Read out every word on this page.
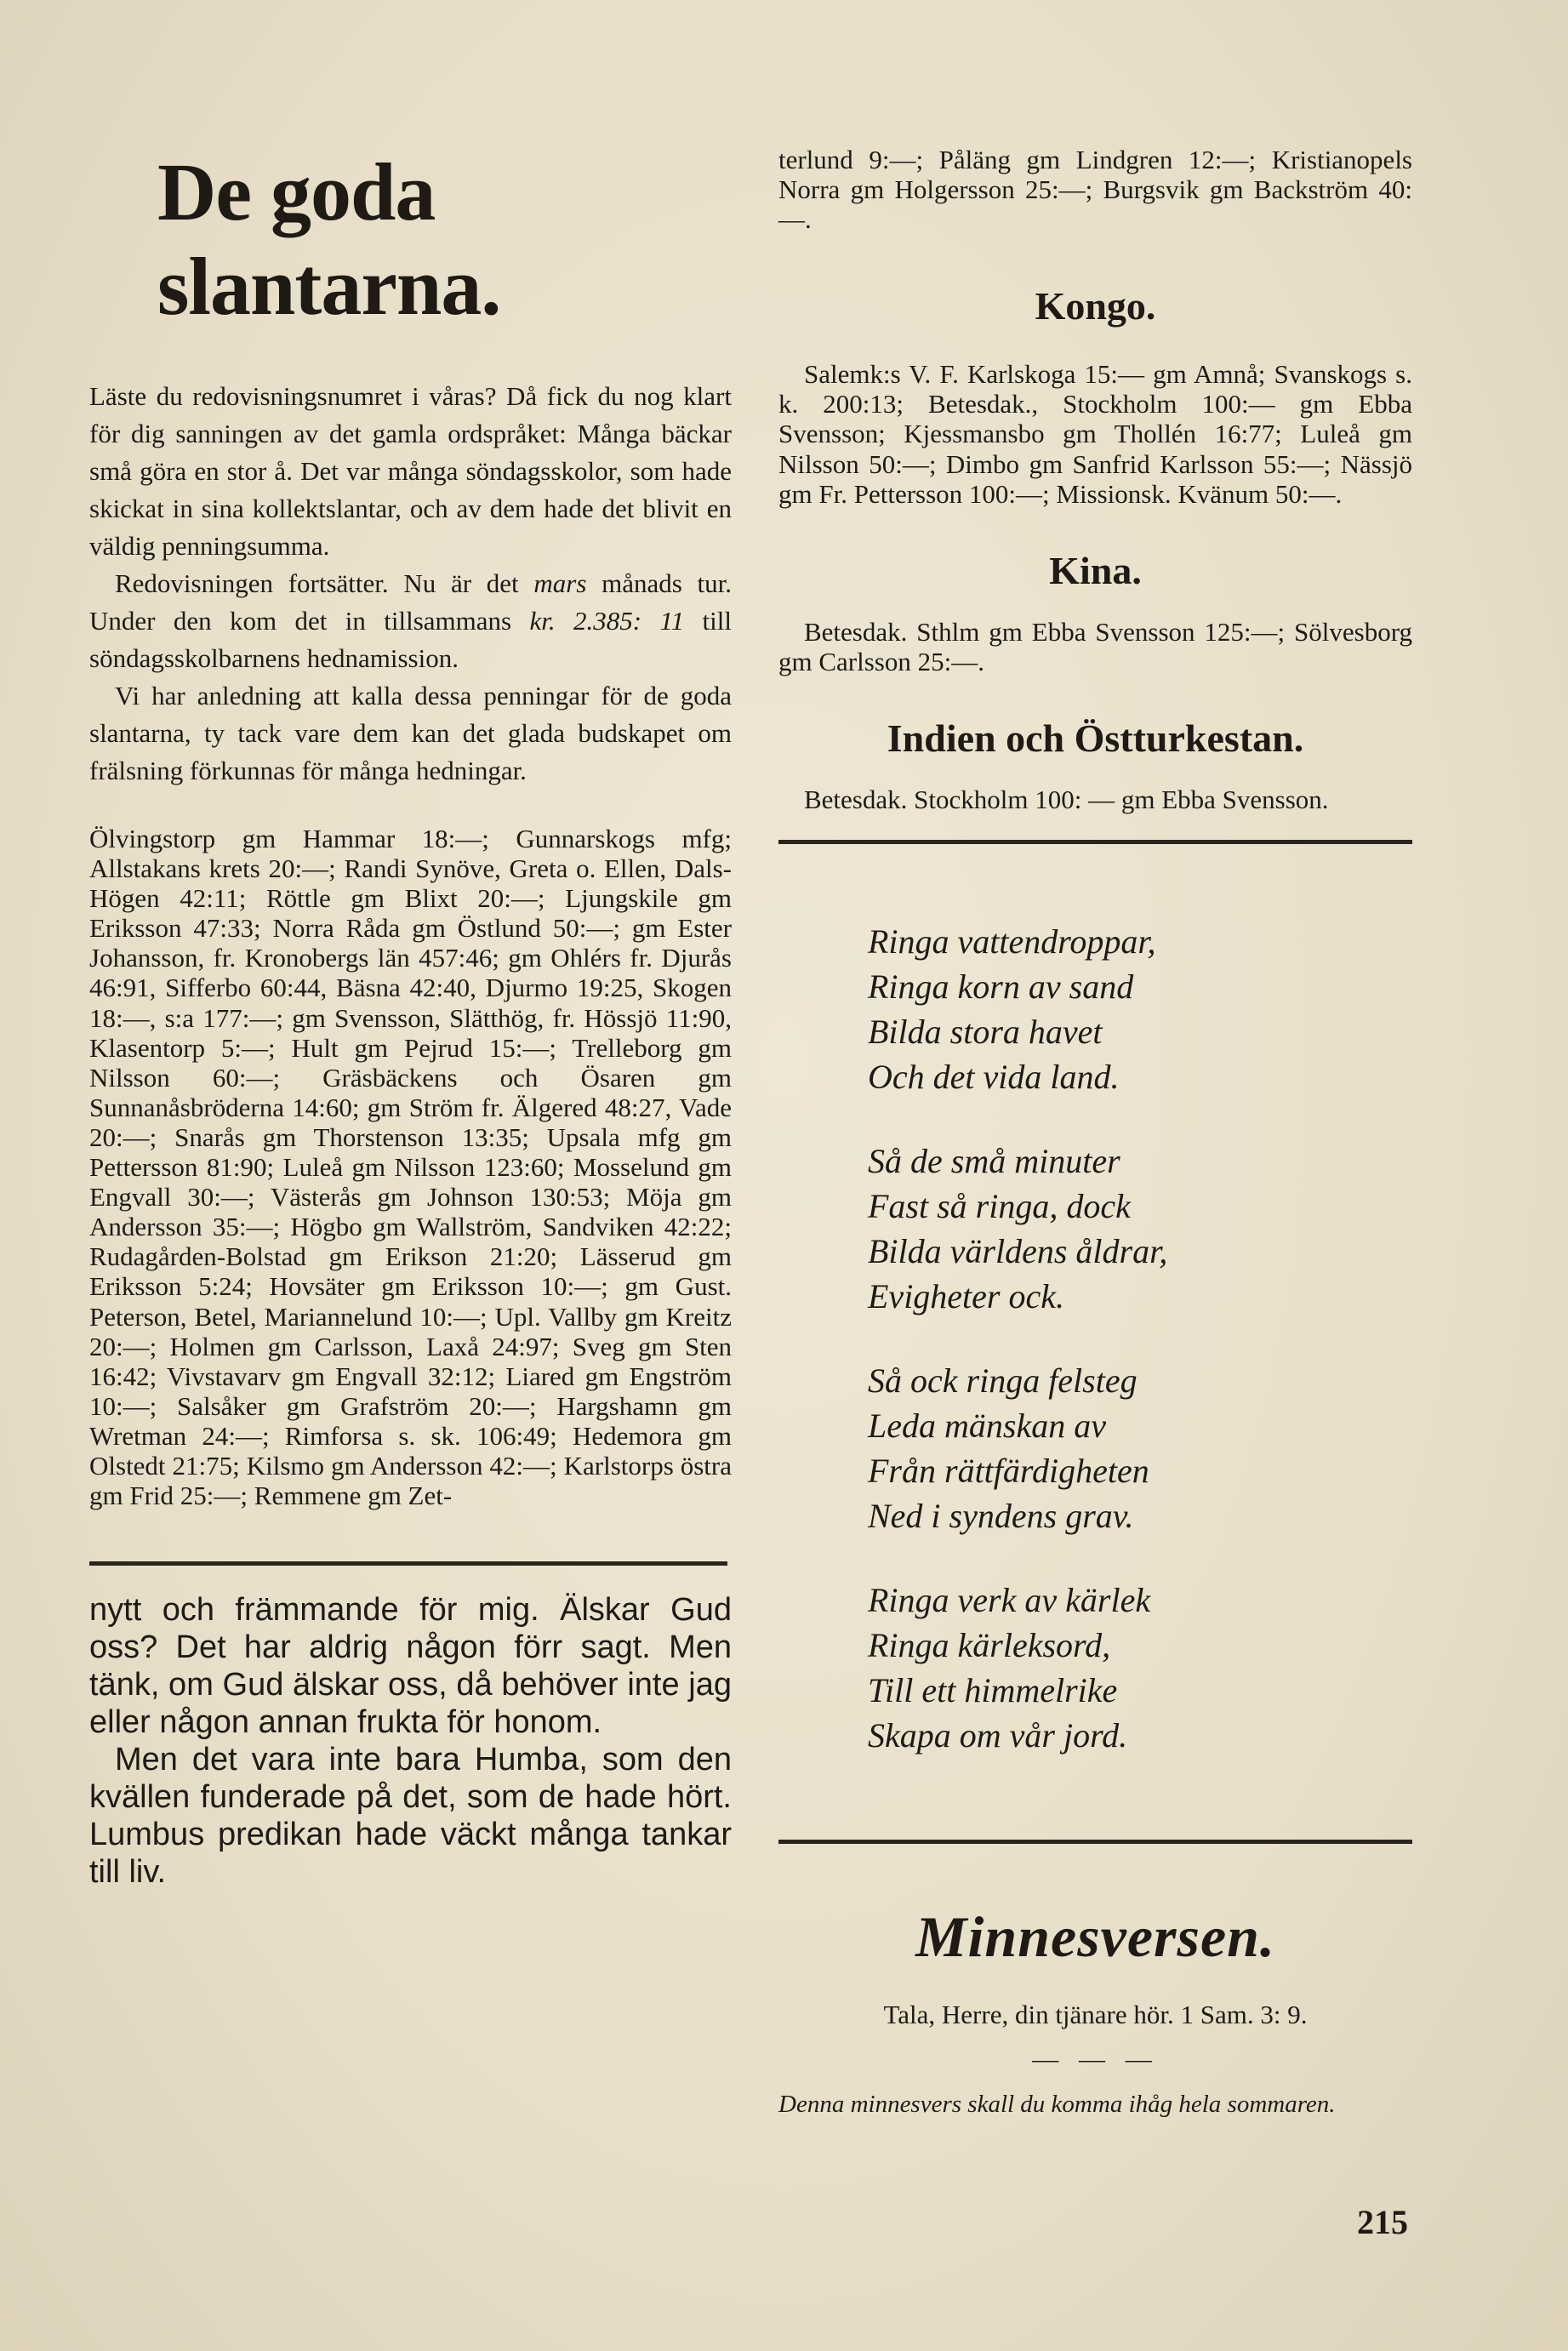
De goda slantarna.

Läste du redovisningsnumret i våras? Då fick du nog klart för dig sanningen av det gamla ordspråket: Många bäckar små göra en stor å. Det var många söndagsskolor, som hade skickat in sina kollektslantar, och av dem hade det blivit en väldig penningsumma.

Redovisningen fortsätter. Nu är det mars månads tur. Under den kom det in tillsammans kr. 2.385: 11 till söndagsskolbarnens hednamission.

Vi har anledning att kalla dessa penningar för de goda slantarna, ty tack vare dem kan det glada budskapet om frälsning förkunnas för många hedningar.

Ölvingstorp gm Hammar 18:—; Gunnarskogs mfg; Allstakans krets 20:—; Randi Synöve, Greta o. Ellen, Dals-Högen 42:11; Röttle gm Blixt 20:—; Ljungskile gm Eriksson 47:33; Norra Råda gm Östlund 50:—; gm Ester Johansson, fr. Kronobergs län 457:46; gm Ohlérs fr. Djurås 46:91, Sifferbo 60:44, Bäsna 42:40, Djurmo 19:25, Skogen 18:—, s:a 177:—; gm Svensson, Slätthög, fr. Hössjö 11:90, Klasentorp 5:—; Hult gm Pejrud 15:—; Trelleborg gm Nilsson 60:—; Gräsbäckens och Ösaren gm Sunnanåsbröderna 14:60; gm Ström fr. Älgered 48:27, Vade 20:—; Snarås gm Thorstenson 13:35; Upsala mfg gm Pettersson 81:90; Luleå gm Nilsson 123:60; Mosselund gm Engvall 30:—; Västerås gm Johnson 130:53; Möja gm Andersson 35:—; Högbo gm Wallström, Sandviken 42:22; Rudagården-Bolstad gm Erikson 21:20; Lässerud gm Eriksson 5:24; Hovsäter gm Eriksson 10:—; gm Gust. Peterson, Betel, Mariannelund 10:—; Upl. Vallby gm Kreitz 20:—; Holmen gm Carlsson, Laxå 24:97; Sveg gm Sten 16:42; Vivstavarv gm Engvall 32:12; Liared gm Engström 10:—; Salsåker gm Grafström 20:—; Hargshamn gm Wretman 24:—; Rimforsa s. sk. 106:49; Hedemora gm Olstedt 21:75; Kilsmo gm Andersson 42:—; Karlstorps östra gm Frid 25:—; Remmene gm Zet-

nytt och främmande för mig. Älskar Gud oss? Det har aldrig någon förr sagt. Men tänk, om Gud älskar oss, då behöver inte jag eller någon annan frukta för honom.

Men det vara inte bara Humba, som den kvällen funderade på det, som de hade hört. Lumbus predikan hade väckt många tankar till liv.

terlund 9:—; Påläng gm Lindgren 12:—; Kristianopels Norra gm Holgersson 25:—; Burgsvik gm Backström 40:—.

Kongo.

Salemk:s V. F. Karlskoga 15:— gm Amnå; Svanskogs s. k. 200:13; Betesdak., Stockholm 100:— gm Ebba Svensson; Kjessmansbo gm Thollén 16:77; Luleå gm Nilsson 50:—; Dimbo gm Sanfrid Karlsson 55:—; Nässjö gm Fr. Pettersson 100:—; Missionsk. Kvänum 50:—.

Kina.

Betesdak. Sthlm gm Ebba Svensson 125:—; Sölvesborg gm Carlsson 25:—.

Indien och Östturkestan.

Betesdak. Stockholm 100: — gm Ebba Svensson.

Ringa vattendroppar,

Ringa korn av sand

Bilda stora havet

Och det vida land.

Så de små minuter

Fast så ringa, dock

Bilda världens åldrar,

Evigheter ock.

Så ock ringa felsteg

Leda mänskan av

Från rättfärdigheten

Ned i syndens grav.

Ringa verk av kärlek

Ringa kärleksord,

Till ett himmelrike

Skapa om vår jord.

Minnesversen.

Tala, Herre, din tjänare hör. 1 Sam. 3: 9.

— — —

Denna minnesvers skall du komma ihåg hela sommaren.

215
